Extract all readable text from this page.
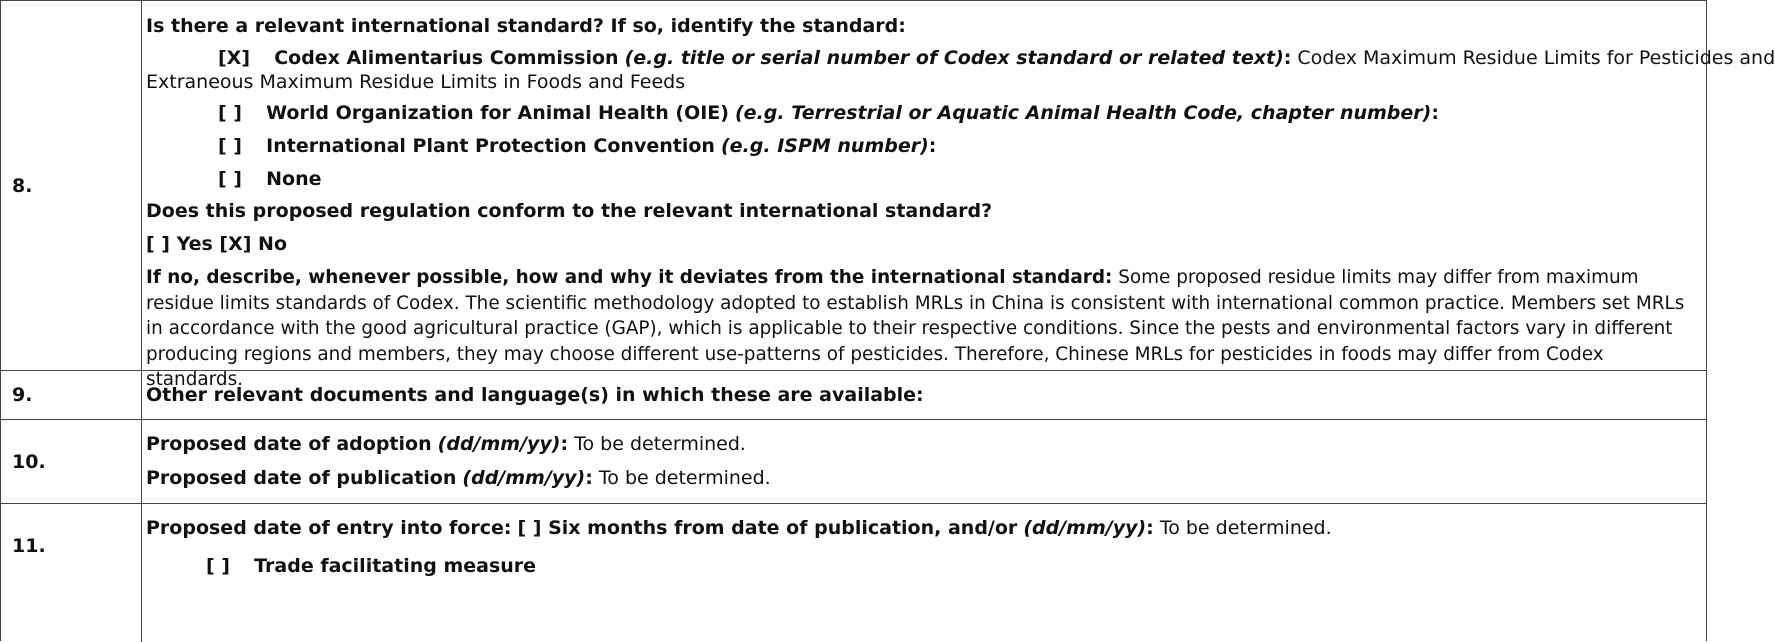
8.
Is there a relevant international standard? If so, identify the standard:
[X] Codex Alimentarius Commission (e.g. title or serial number of Codex standard or related text): Codex Maximum Residue Limits for Pesticides and
Extraneous Maximum Residue Limits in Foods and Feeds
[ ] World Organization for Animal Health (OIE) (e.g. Terrestrial or Aquatic Animal Health Code, chapter number):
[ ] International Plant Protection Convention (e.g. ISPM number):
[ ] None
Does this proposed regulation conform to the relevant international standard?
[ ] Yes [X] No
If no, describe, whenever possible, how and why it deviates from the international standard: Some proposed residue limits may differ from maximum residue limits standards of Codex. The scientific methodology adopted to establish MRLs in China is consistent with international common practice. Members set MRLs in accordance with the good agricultural practice (GAP), which is applicable to their respective conditions. Since the pests and environmental factors vary in different producing regions and members, they may choose different use-patterns of pesticides. Therefore, Chinese MRLs for pesticides in foods may differ from Codex standards.
9.	Other relevant documents and language(s) in which these are available:
10.
Proposed date of adoption (dd/mm/yy): To be determined.
Proposed date of publication (dd/mm/yy): To be determined.
11.
Proposed date of entry into force: [ ] Six months from date of publication, and/or (dd/mm/yy): To be determined.
[ ] Trade facilitating measure
